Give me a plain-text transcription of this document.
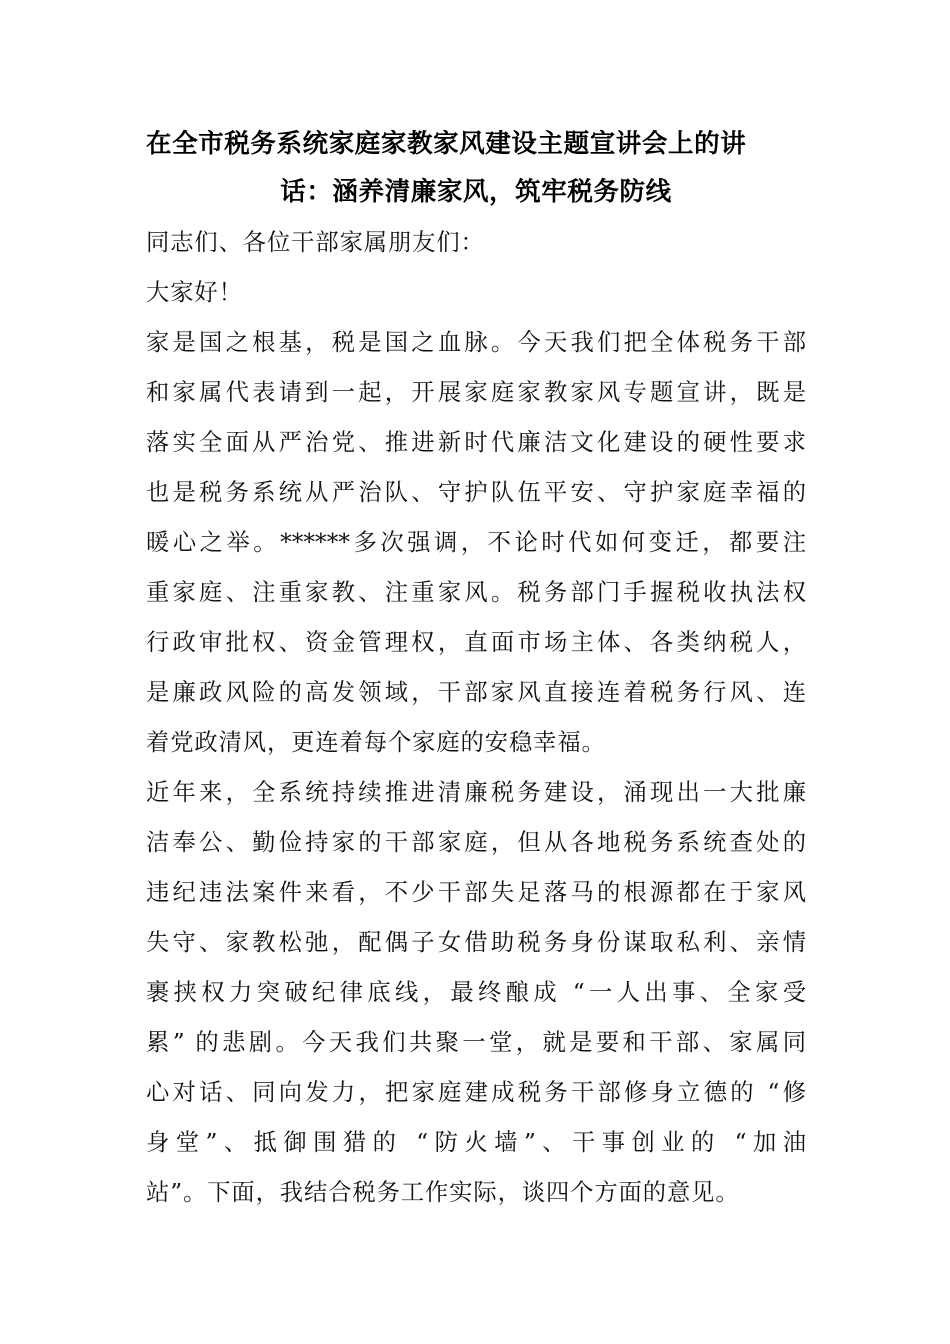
在全市税务系统家庭家教家风建设主题宣讲会上的讲
话：涵养清廉家风，筑牢税务防线
同志们、各位干部家属朋友们：
大家好！
家是国之根基，税是国之血脉。今天我们把全体税务干部
和家属代表请到一起，开展家庭家教家风专题宣讲，既是
落实全面从严治党、推进新时代廉洁文化建设的硬性要求
也是税务系统从严治队、守护队伍平安、守护家庭幸福的
暖心之举。******多次强调，不论时代如何变迁，都要注
重家庭、注重家教、注重家风。税务部门手握税收执法权
行政审批权、资金管理权，直面市场主体、各类纳税人，
是廉政风险的高发领域，干部家风直接连着税务行风、连
着党政清风，更连着每个家庭的安稳幸福。
近年来，全系统持续推进清廉税务建设，涌现出一大批廉
洁奉公、勤俭持家的干部家庭，但从各地税务系统查处的
违纪违法案件来看，不少干部失足落马的根源都在于家风
失守、家教松弛，配偶子女借助税务身份谋取私利、亲情
裹挟权力突破纪律底线，最终酿成 “一人出事、全家受
累” 的悲剧。今天我们共聚一堂，就是要和干部、家属同
心对话、同向发力，把家庭建成税务干部修身立德的 “修
身堂”、抵御围猎的 “防火墙”、干事创业的 “加油
站”。下面，我结合税务工作实际，谈四个方面的意见。
